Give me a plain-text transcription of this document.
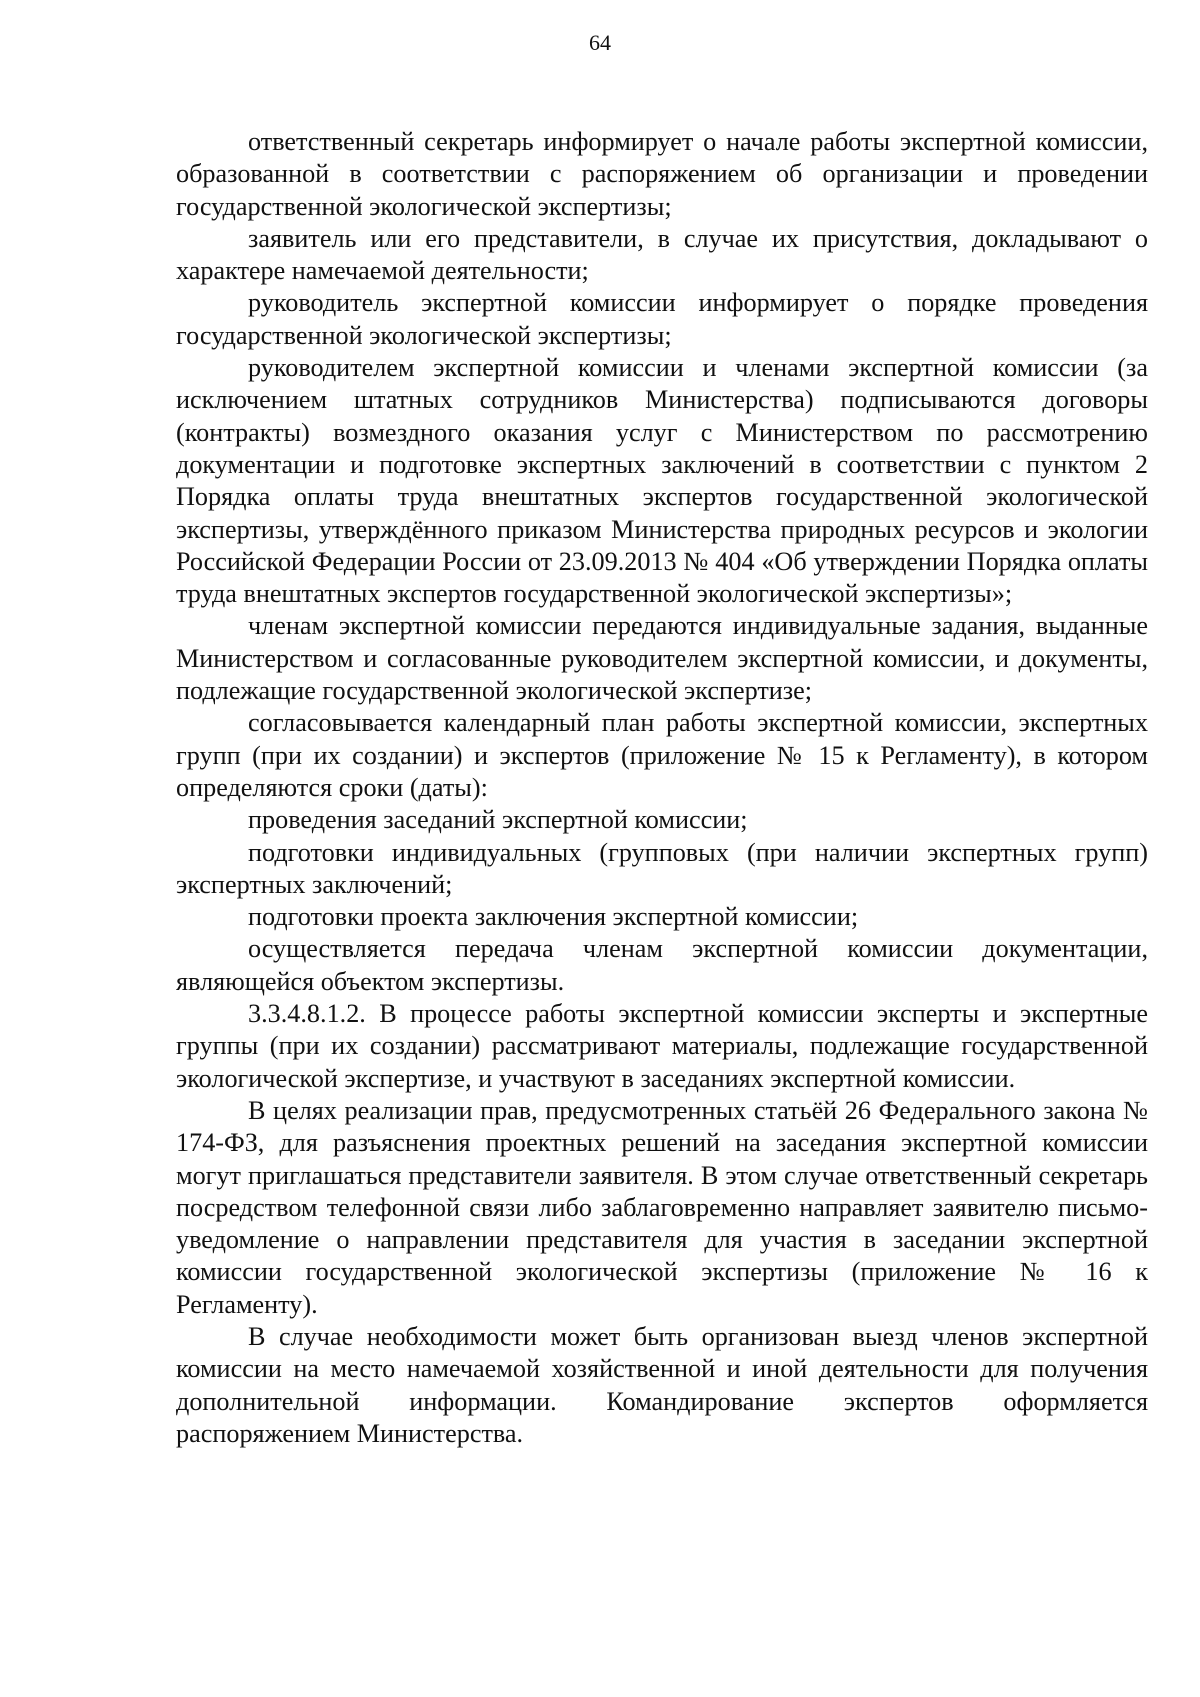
64

ответственный секретарь информирует о начале работы экспертной комиссии, образованной в соответствии с распоряжением об организации и проведении государственной экологической экспертизы;

заявитель или его представители, в случае их присутствия, докладывают о характере намечаемой деятельности;

руководитель экспертной комиссии информирует о порядке проведения государственной экологической экспертизы;

руководителем экспертной комиссии и членами экспертной комиссии (за исключением штатных сотрудников Министерства) подписываются договоры (контракты) возмездного оказания услуг с Министерством по рассмотрению документации и подготовке экспертных заключений в соответствии с пунктом 2 Порядка оплаты труда внештатных экспертов государственной экологической экспертизы, утверждённого приказом Министерства природных ресурсов и экологии Российской Федерации России от 23.09.2013 № 404 «Об утверждении Порядка оплаты труда внештатных экспертов государственной экологической экспертизы»;

членам экспертной комиссии передаются индивидуальные задания, выданные Министерством и согласованные руководителем экспертной комиссии, и документы, подлежащие государственной экологической экспертизе;

согласовывается календарный план работы экспертной комиссии, экспертных групп (при их создании) и экспертов (приложение № 15 к Регламенту), в котором определяются сроки (даты):

проведения заседаний экспертной комиссии;

подготовки индивидуальных (групповых (при наличии экспертных групп) экспертных заключений;

подготовки проекта заключения экспертной комиссии;

осуществляется передача членам экспертной комиссии документации, являющейся объектом экспертизы.

3.3.4.8.1.2. В процессе работы экспертной комиссии эксперты и экспертные группы (при их создании) рассматривают материалы, подлежащие государственной экологической экспертизе, и участвуют в заседаниях экспертной комиссии.

В целях реализации прав, предусмотренных статьёй 26 Федерального закона № 174-ФЗ, для разъяснения проектных решений на заседания экспертной комиссии могут приглашаться представители заявителя. В этом случае ответственный секретарь посредством телефонной связи либо заблаговременно направляет заявителю письмо-уведомление о направлении представителя для участия в заседании экспертной комиссии государственной экологической экспертизы (приложение № 16 к Регламенту).

В случае необходимости может быть организован выезд членов экспертной комиссии на место намечаемой хозяйственной и иной деятельности для получения дополнительной информации. Командирование экспертов оформляется распоряжением Министерства.
